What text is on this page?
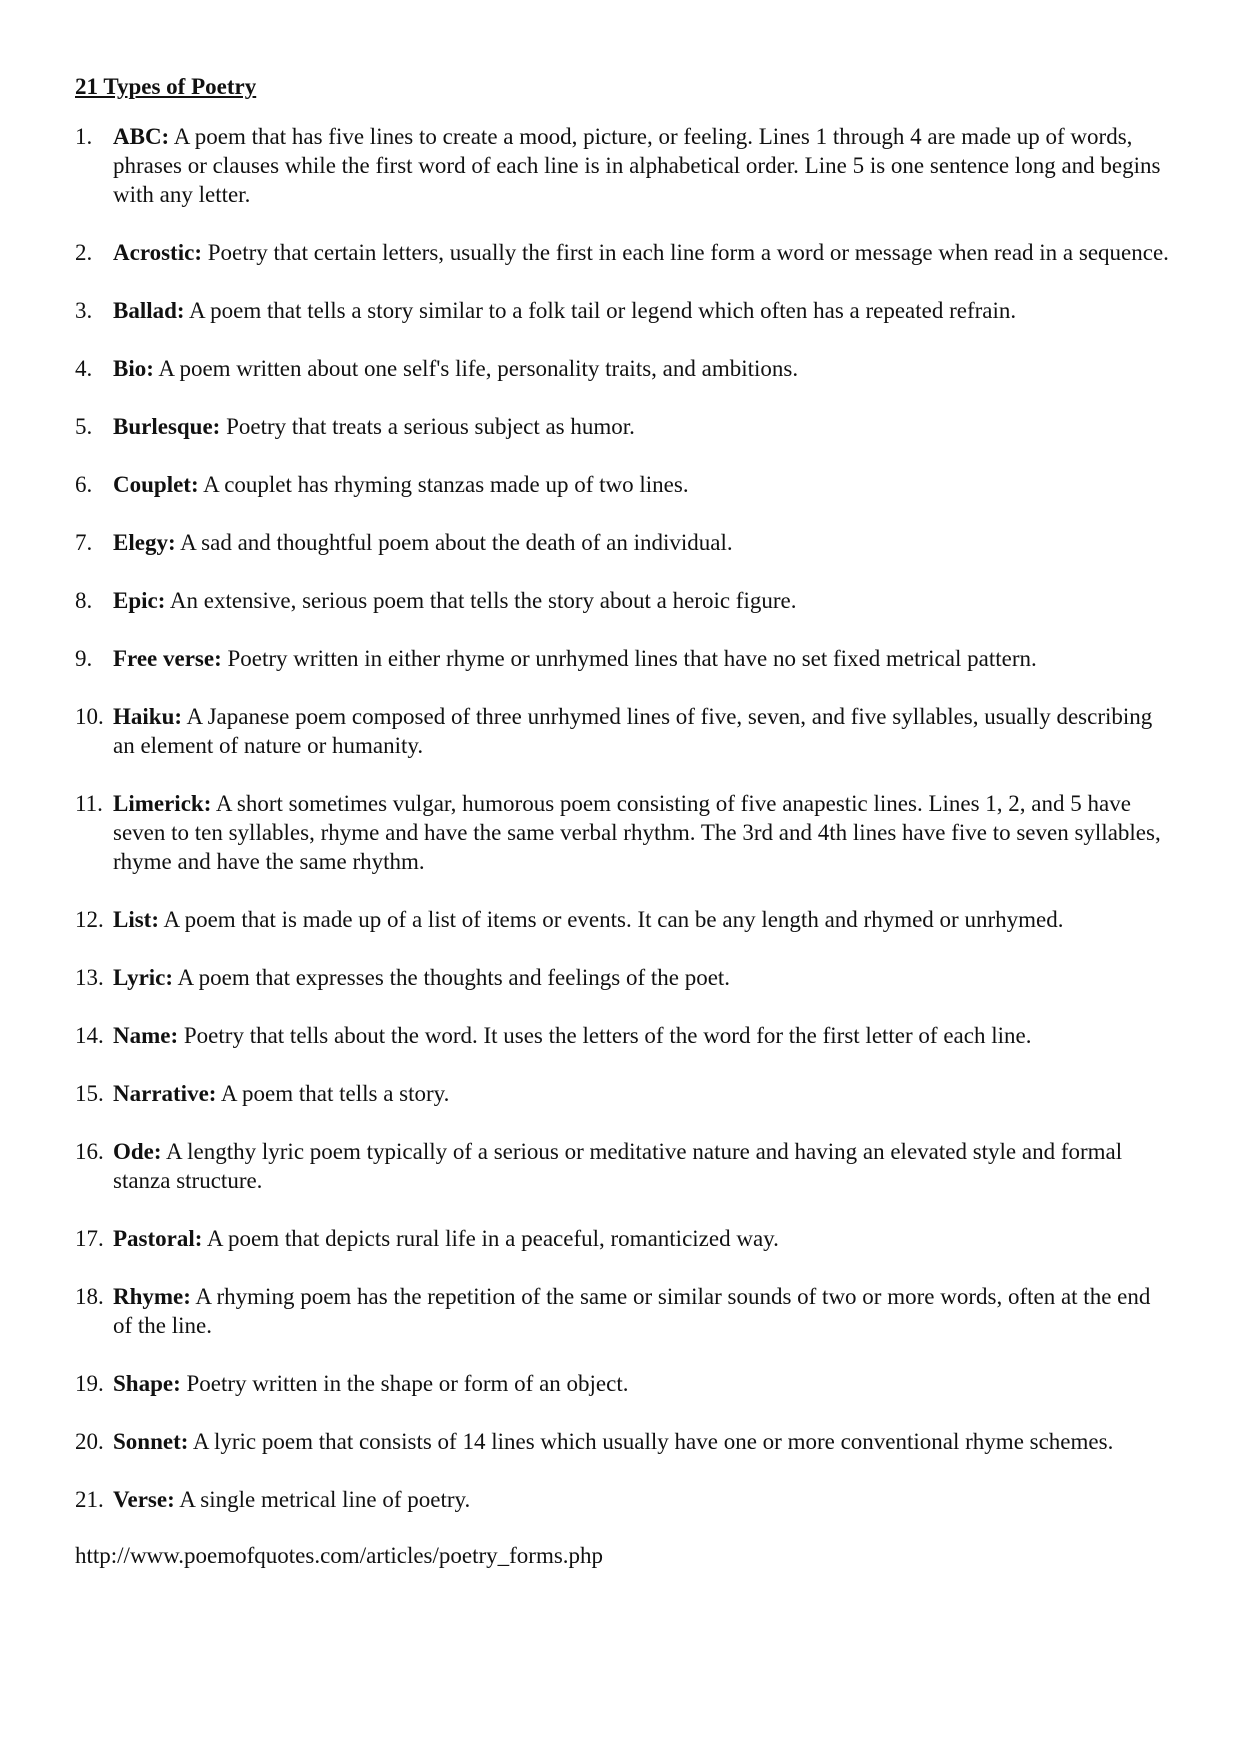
21 Types of Poetry
1. ABC: A poem that has five lines to create a mood, picture, or feeling. Lines 1 through 4 are made up of words, phrases or clauses while the first word of each line is in alphabetical order. Line 5 is one sentence long and begins with any letter.
2. Acrostic: Poetry that certain letters, usually the first in each line form a word or message when read in a sequence.
3. Ballad: A poem that tells a story similar to a folk tail or legend which often has a repeated refrain.
4. Bio: A poem written about one self's life, personality traits, and ambitions.
5. Burlesque: Poetry that treats a serious subject as humor.
6. Couplet: A couplet has rhyming stanzas made up of two lines.
7. Elegy: A sad and thoughtful poem about the death of an individual.
8. Epic: An extensive, serious poem that tells the story about a heroic figure.
9. Free verse: Poetry written in either rhyme or unrhymed lines that have no set fixed metrical pattern.
10. Haiku: A Japanese poem composed of three unrhymed lines of five, seven, and five syllables, usually describing an element of nature or humanity.
11. Limerick: A short sometimes vulgar, humorous poem consisting of five anapestic lines. Lines 1, 2, and 5 have seven to ten syllables, rhyme and have the same verbal rhythm. The 3rd and 4th lines have five to seven syllables, rhyme and have the same rhythm.
12. List: A poem that is made up of a list of items or events. It can be any length and rhymed or unrhymed.
13. Lyric: A poem that expresses the thoughts and feelings of the poet.
14. Name: Poetry that tells about the word. It uses the letters of the word for the first letter of each line.
15. Narrative: A poem that tells a story.
16. Ode: A lengthy lyric poem typically of a serious or meditative nature and having an elevated style and formal stanza structure.
17. Pastoral: A poem that depicts rural life in a peaceful, romanticized way.
18. Rhyme: A rhyming poem has the repetition of the same or similar sounds of two or more words, often at the end of the line.
19. Shape: Poetry written in the shape or form of an object.
20. Sonnet: A lyric poem that consists of 14 lines which usually have one or more conventional rhyme schemes.
21. Verse: A single metrical line of poetry.
http://www.poemofquotes.com/articles/poetry_forms.php
